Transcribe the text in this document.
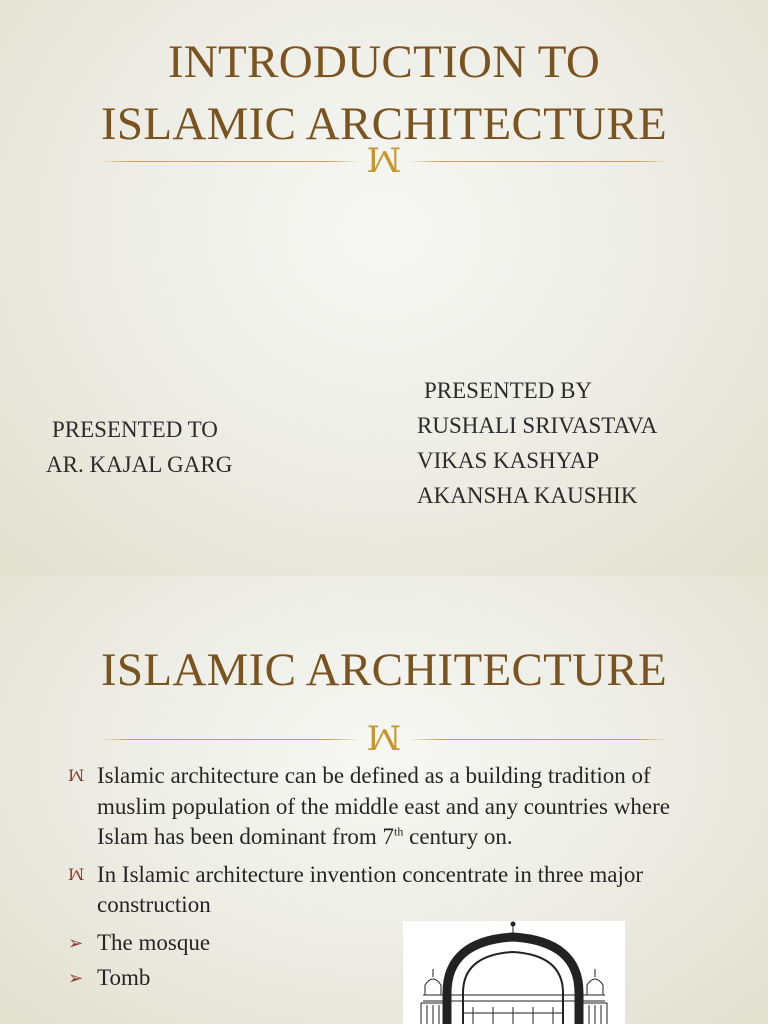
INTRODUCTION TO
ISLAMIC ARCHITECTURE
ꟽ
PRESENTED TO
AR. KAJAL GARG
PRESENTED BY
RUSHALI SRIVASTAVA
VIKAS KASHYAP
AKANSHA KAUSHIK
ISLAMIC ARCHITECTURE
ꟽ
ꟽ Islamic architecture can be defined as a building tradition of muslim population of the middle east and any countries where Islam has been dominant from 7th century on.
ꟽ In Islamic architecture invention concentrate in three major construction
➢ The mosque
➢ Tomb
